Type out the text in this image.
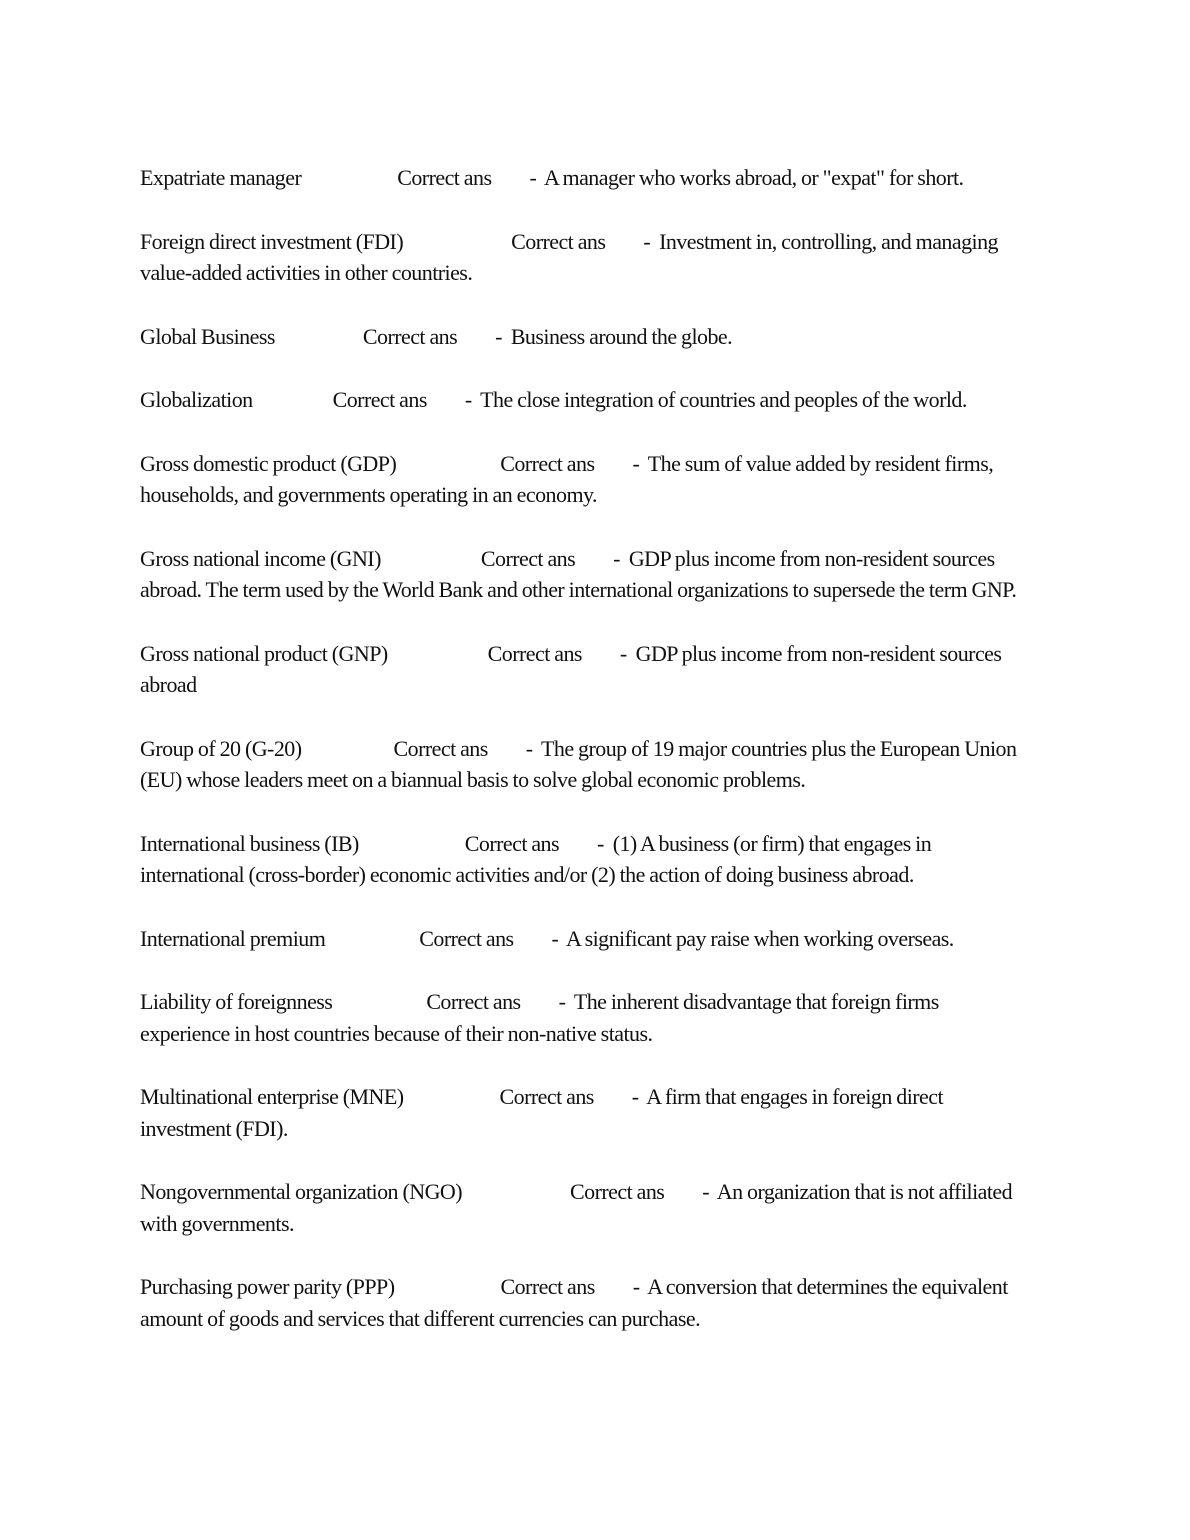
Expatriate manager	Correct ans -  A manager who works abroad, or "expat" for short.

Foreign direct investment (FDI)	Correct ans -  Investment in, controlling, and managing value-added activities in other countries.

Global Business	Correct ans -  Business around the globe.

Globalization	Correct ans -  The close integration of countries and peoples of the world.

Gross domestic product (GDP)	Correct ans -  The sum of value added by resident firms, households, and governments operating in an economy.

Gross national income (GNI)	Correct ans -  GDP plus income from non-resident sources abroad. The term used by the World Bank and other international organizations to supersede the term GNP.

Gross national product (GNP)	Correct ans -  GDP plus income from non-resident sources abroad

Group of 20 (G-20)	Correct ans -  The group of 19 major countries plus the European Union (EU) whose leaders meet on a biannual basis to solve global economic problems.

International business (IB)	Correct ans -  (1) A business (or firm) that engages in international (cross-border) economic activities and/or (2) the action of doing business abroad.

International premium	Correct ans -  A significant pay raise when working overseas.

Liability of foreignness	Correct ans -  The inherent disadvantage that foreign firms experience in host countries because of their non-native status.

Multinational enterprise (MNE)	Correct ans -  A firm that engages in foreign direct investment (FDI).

Nongovernmental organization (NGO)	Correct ans -  An organization that is not affiliated with governments.

Purchasing power parity (PPP)	Correct ans -  A conversion that determines the equivalent amount of goods and services that different currencies can purchase.
